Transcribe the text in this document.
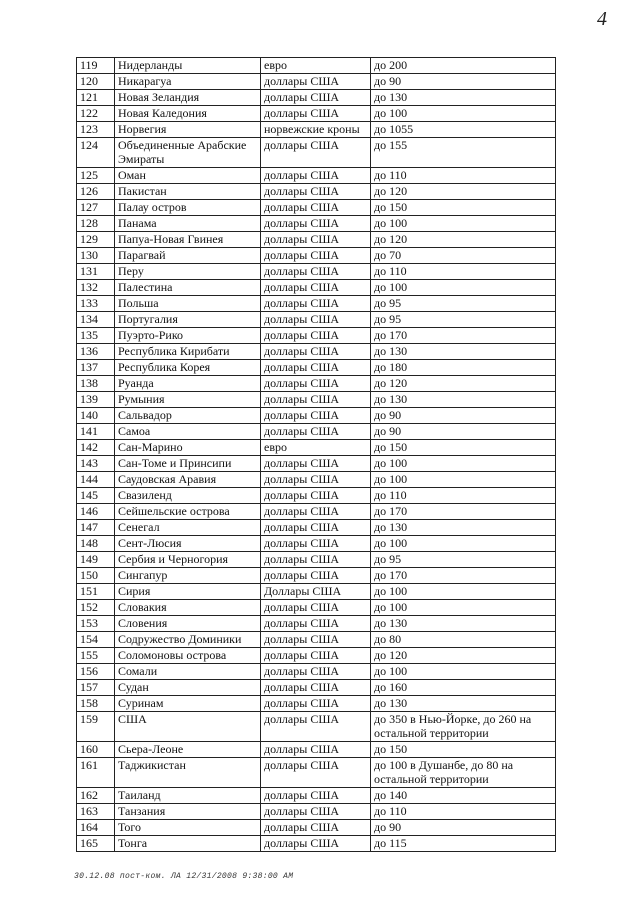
4
119	Нидерланды	евро	до 200
120	Никарагуа	доллары США	до 90
121	Новая Зеландия	доллары США	до 130
122	Новая Каледония	доллары США	до 100
123	Норвегия	норвежские кроны	до 1055
124	Объединенные Арабские Эмираты	доллары США	до 155
125	Оман	доллары США	до 110
126	Пакистан	доллары США	до 120
127	Палау остров	доллары США	до 150
128	Панама	доллары США	до 100
129	Папуа-Новая Гвинея	доллары США	до 120
130	Парагвай	доллары США	до 70
131	Перу	доллары США	до 110
132	Палестина	доллары США	до 100
133	Польша	доллары США	до 95
134	Португалия	доллары США	до 95
135	Пуэрто-Рико	доллары США	до 170
136	Республика Кирибати	доллары США	до 130
137	Республика Корея	доллары США	до 180
138	Руанда	доллары США	до 120
139	Румыния	доллары США	до 130
140	Сальвадор	доллары США	до 90
141	Самоа	доллары США	до 90
142	Сан-Марино	евро	до 150
143	Сан-Томе и Принсипи	доллары США	до 100
144	Саудовская Аравия	доллары США	до 100
145	Свазиленд	доллары США	до 110
146	Сейшельские острова	доллары США	до 170
147	Сенегал	доллары США	до 130
148	Сент-Люсия	доллары США	до 100
149	Сербия и Черногория	доллары США	до 95
150	Сингапур	доллары США	до 170
151	Сирия	Доллары США	до 100
152	Словакия	доллары США	до 100
153	Словения	доллары США	до 130
154	Содружество Доминики	доллары США	до 80
155	Соломоновы острова	доллары США	до 120
156	Сомали	доллары США	до 100
157	Судан	доллары США	до 160
158	Суринам	доллары США	до 130
159	США	доллары США	до 350 в Нью-Йорке, до 260 на остальной территории
160	Сьера-Леоне	доллары США	до 150
161	Таджикистан	доллары США	до 100 в Душанбе, до 80 на остальной территории
162	Таиланд	доллары США	до 140
163	Танзания	доллары США	до 110
164	Того	доллары США	до 90
165	Тонга	доллары США	до 115
30.12.08 пост-ком. ЛА 12/31/2008 9:38:00 AM
